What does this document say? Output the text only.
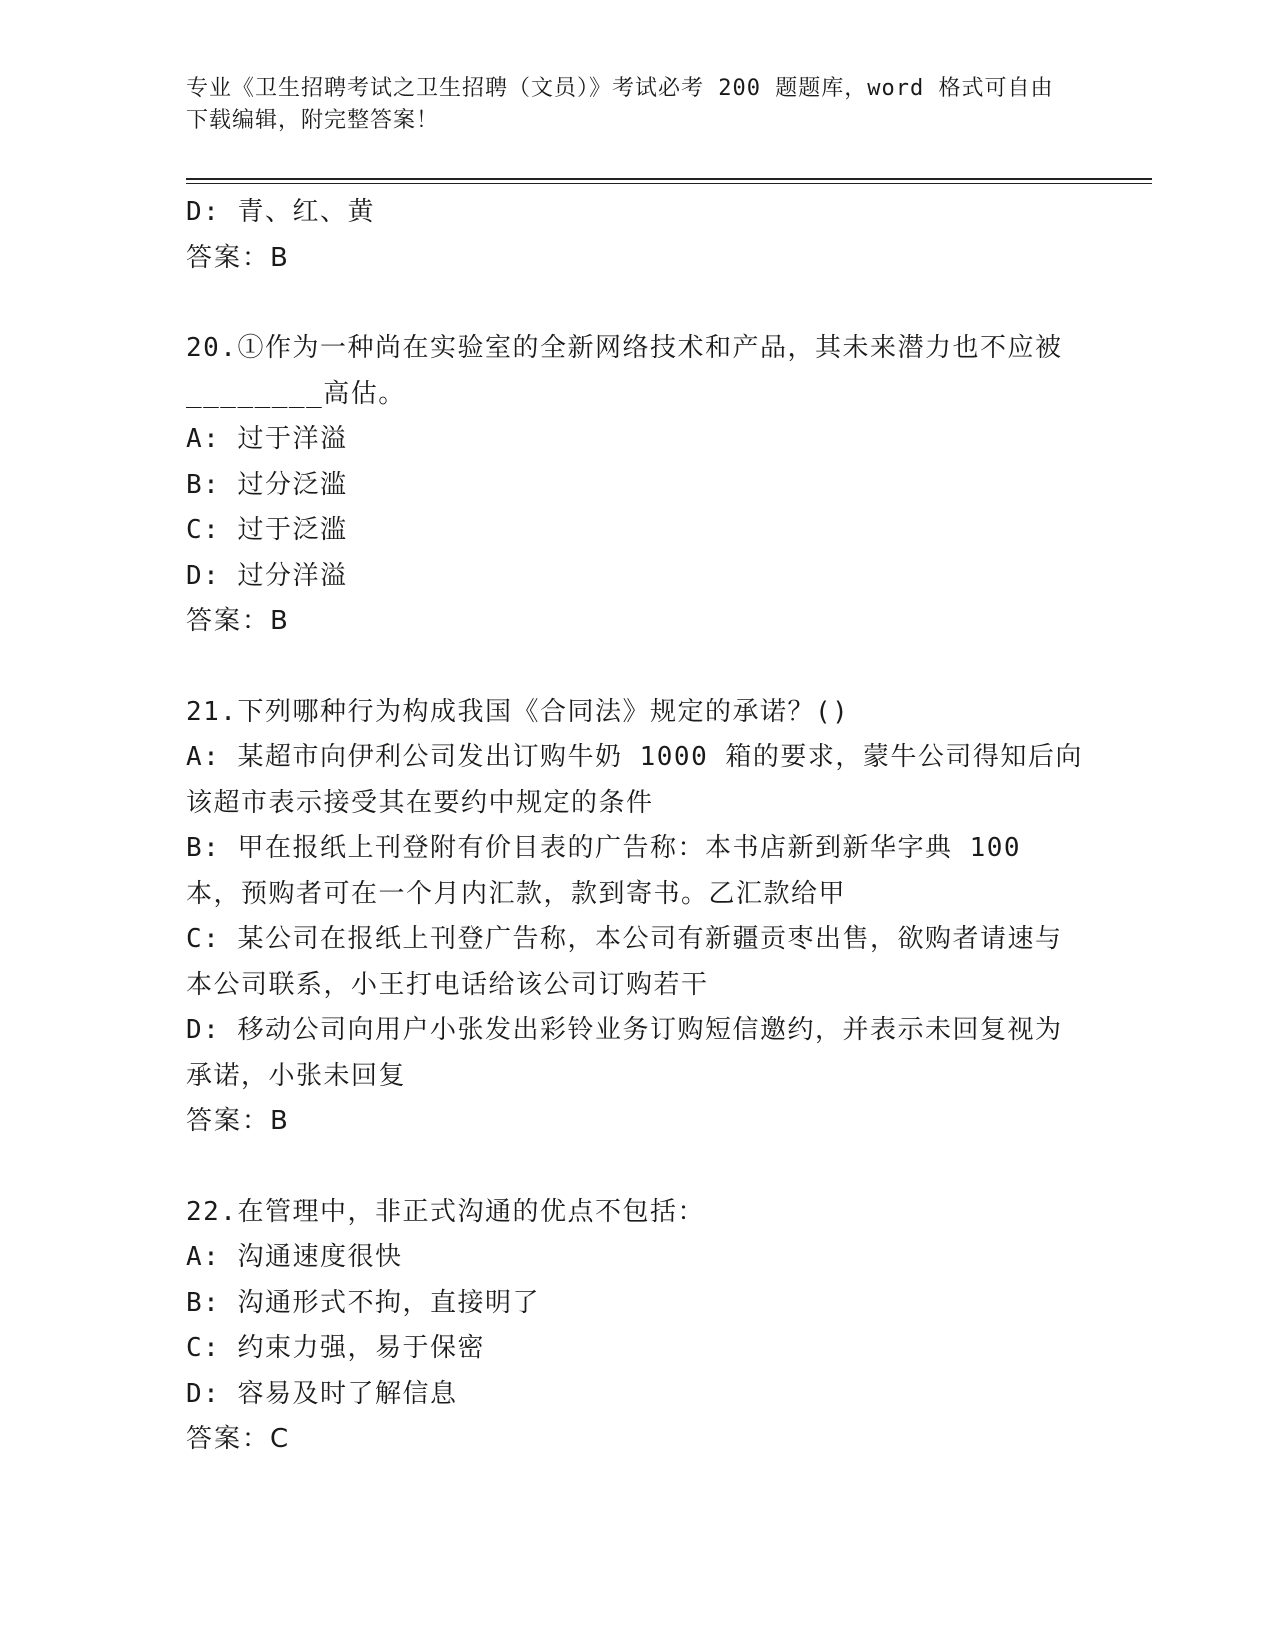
专业《卫生招聘考试之卫生招聘（文员）》考试必考 200 题题库，word 格式可自由下载编辑，附完整答案！

D: 青、红、黄

答案：B

20.①作为一种尚在实验室的全新网络技术和产品，其未来潜力也不应被________高估。

A: 过于洋溢

B: 过分泛滥

C: 过于泛滥

D: 过分洋溢

答案：B

21.下列哪种行为构成我国《合同法》规定的承诺？()

A: 某超市向伊利公司发出订购牛奶 1000 箱的要求，蒙牛公司得知后向该超市表示接受其在要约中规定的条件

B: 甲在报纸上刊登附有价目表的广告称：本书店新到新华字典 100 本，预购者可在一个月内汇款，款到寄书。乙汇款给甲

C: 某公司在报纸上刊登广告称，本公司有新疆贡枣出售，欲购者请速与本公司联系，小王打电话给该公司订购若干

D: 移动公司向用户小张发出彩铃业务订购短信邀约，并表示未回复视为承诺，小张未回复

答案：B

22.在管理中，非正式沟通的优点不包括：

A: 沟通速度很快

B: 沟通形式不拘，直接明了

C: 约束力强，易于保密

D: 容易及时了解信息

答案：C
